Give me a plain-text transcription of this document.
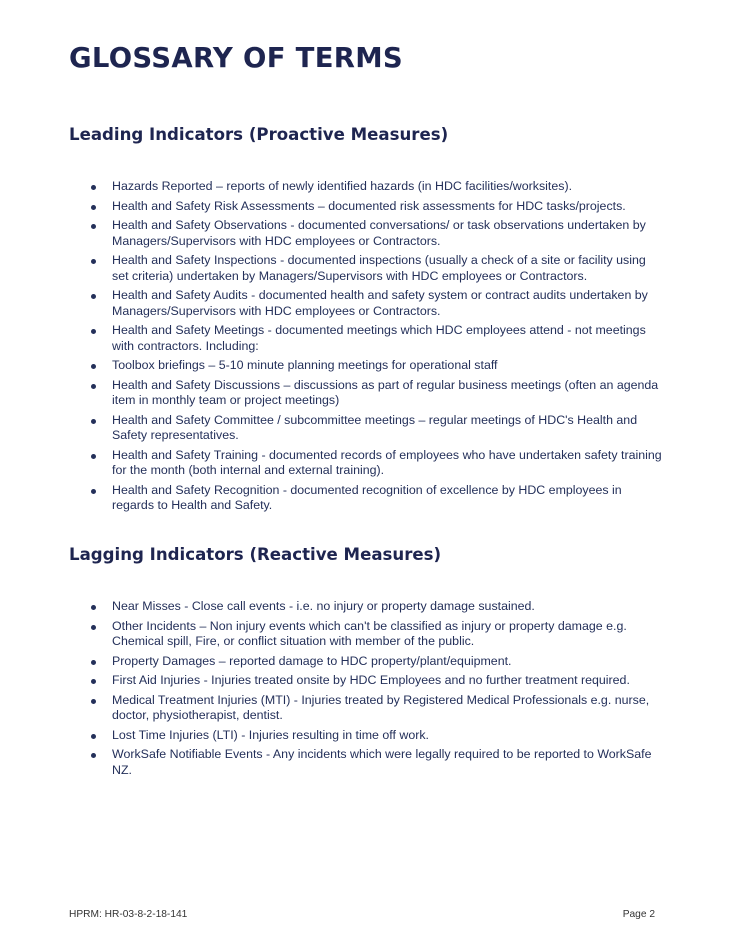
GLOSSARY OF TERMS
Leading Indicators (Proactive Measures)
Hazards Reported – reports of newly identified hazards (in HDC facilities/worksites).
Health and Safety Risk Assessments – documented risk assessments for HDC tasks/projects.
Health and Safety Observations - documented conversations/ or task observations undertaken by Managers/Supervisors with HDC employees or Contractors.
Health and Safety Inspections - documented inspections (usually a check of a site or facility using set criteria) undertaken by Managers/Supervisors with HDC employees or Contractors.
Health and Safety Audits - documented health and safety system or contract audits undertaken by Managers/Supervisors with HDC employees or Contractors.
Health and Safety Meetings - documented meetings which HDC employees attend - not meetings with contractors. Including:
Toolbox briefings – 5-10 minute planning meetings for operational staff
Health and Safety Discussions – discussions as part of regular business meetings (often an agenda item in monthly team or project meetings)
Health and Safety Committee / subcommittee meetings – regular meetings of HDC's Health and Safety representatives.
Health and Safety Training - documented records of employees who have undertaken safety training for the month (both internal and external training).
Health and Safety Recognition - documented recognition of excellence by HDC employees in regards to Health and Safety.
Lagging Indicators (Reactive Measures)
Near Misses - Close call events - i.e. no injury or property damage sustained.
Other Incidents – Non injury events which can't be classified as injury or property damage e.g. Chemical spill, Fire, or conflict situation with member of the public.
Property Damages – reported damage to HDC property/plant/equipment.
First Aid Injuries - Injuries treated onsite by HDC Employees and no further treatment required.
Medical Treatment Injuries (MTI) - Injuries treated by Registered Medical Professionals e.g. nurse, doctor, physiotherapist, dentist.
Lost Time Injuries (LTI) - Injuries resulting in time off work.
WorkSafe Notifiable Events - Any incidents which were legally required to be reported to WorkSafe NZ.

HPRM: HR-03-8-2-18-141	Page 2
